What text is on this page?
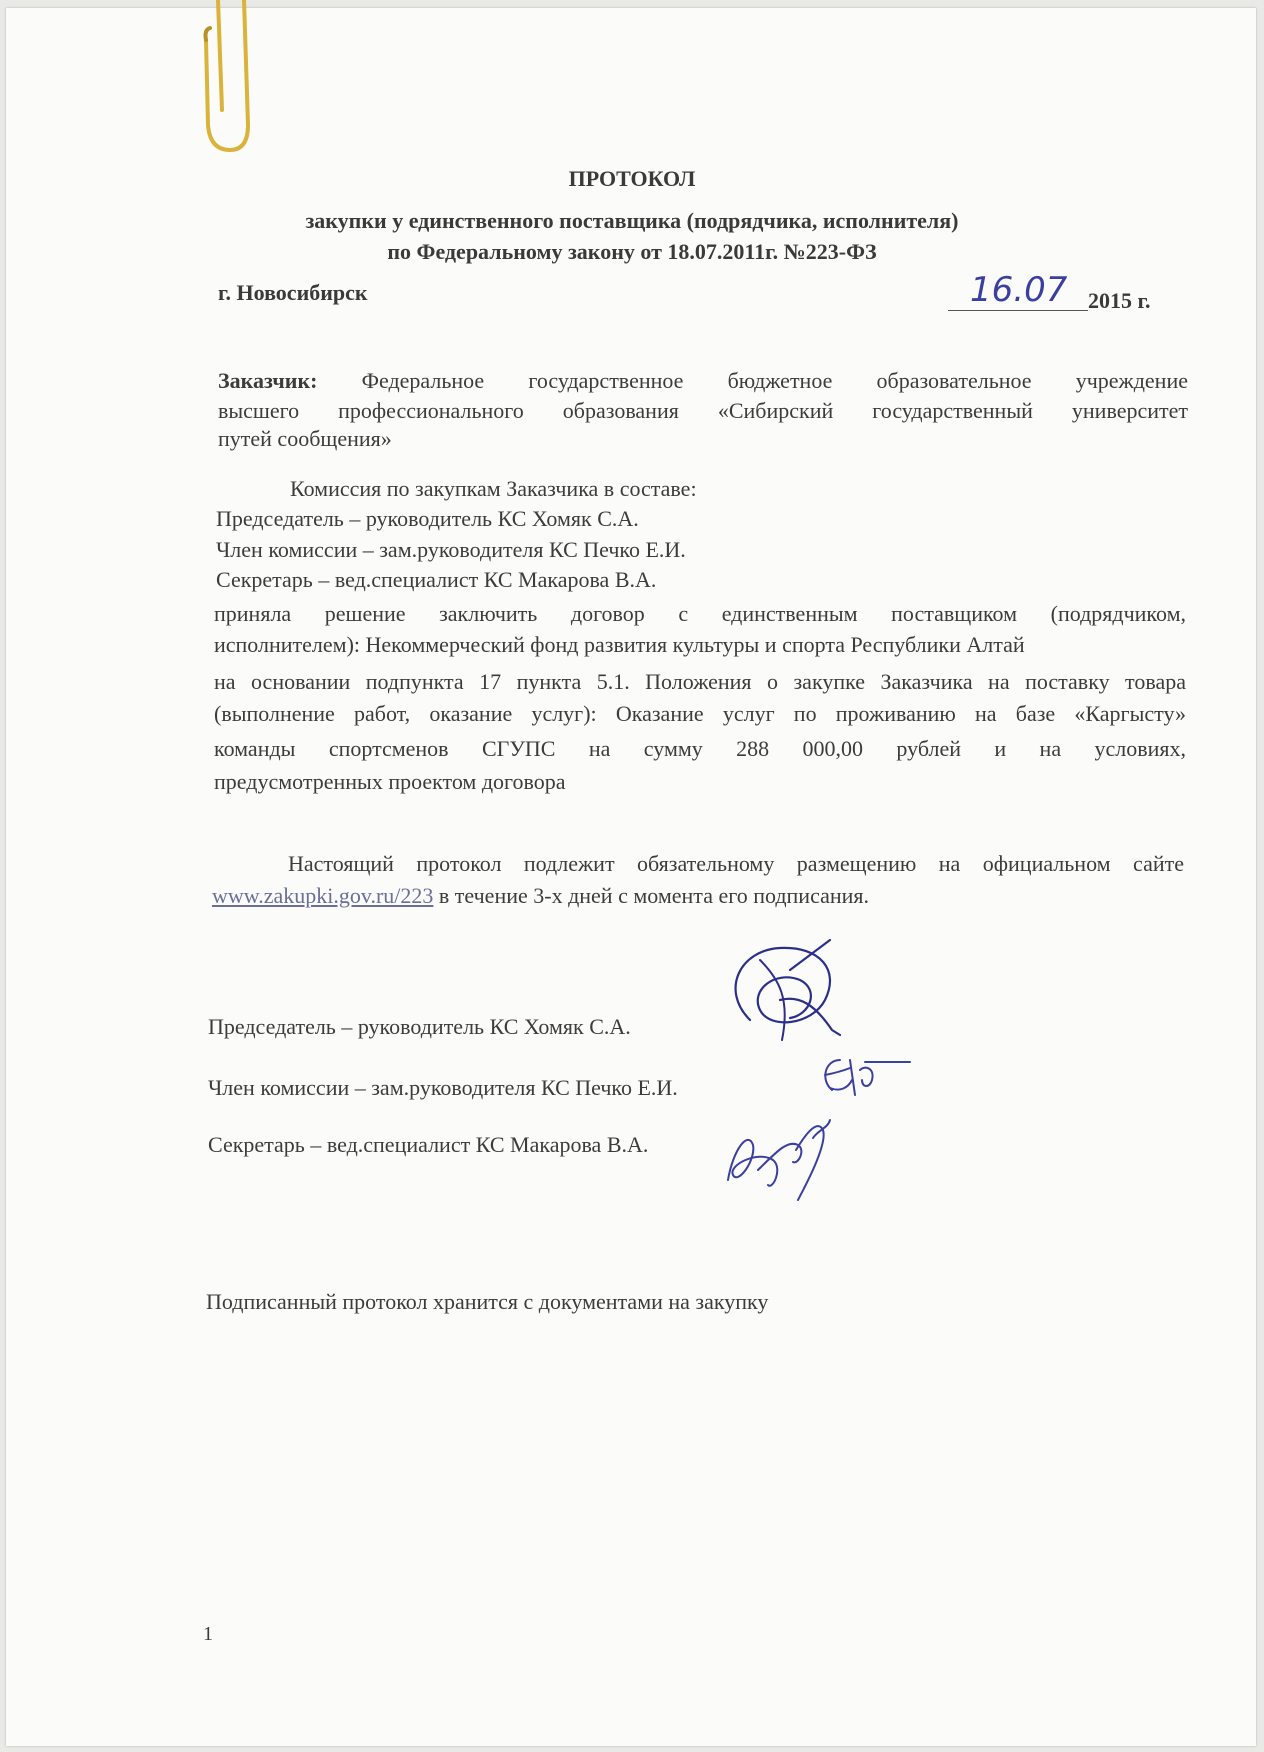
ПРОТОКОЛ
закупки у единственного поставщика (подрядчика, исполнителя)
по Федеральному закону от 18.07.2011г. №223-ФЗ
г. Новосибирск	16.07 2015 г.
Заказчик: Федеральное государственное бюджетное образовательное учреждение
высшего профессионального образования «Сибирский государственный университет
путей сообщения»
Комиссия по закупкам Заказчика в составе:
Председатель – руководитель КС Хомяк С.А.
Член комиссии – зам.руководителя КС Печко Е.И.
Секретарь – вед.специалист КС Макарова В.А.
приняла решение заключить договор с единственным поставщиком (подрядчиком,
исполнителем): Некоммерческий фонд развития культуры и спорта Республики Алтай
на основании подпункта 17 пункта 5.1. Положения о закупке Заказчика на поставку товара
(выполнение работ, оказание услуг): Оказание услуг по проживанию на базе «Каргысту»
команды спортсменов СГУПС на сумму 288 000,00 рублей и на условиях,
предусмотренных проектом договора
Настоящий протокол подлежит обязательному размещению на официальном сайте
www.zakupki.gov.ru/223 в течение 3-х дней с момента его подписания.
Председатель – руководитель КС Хомяк С.А.
Член комиссии – зам.руководителя КС Печко Е.И.
Секретарь – вед.специалист КС Макарова В.А.
Подписанный протокол хранится с документами на закупку
1
